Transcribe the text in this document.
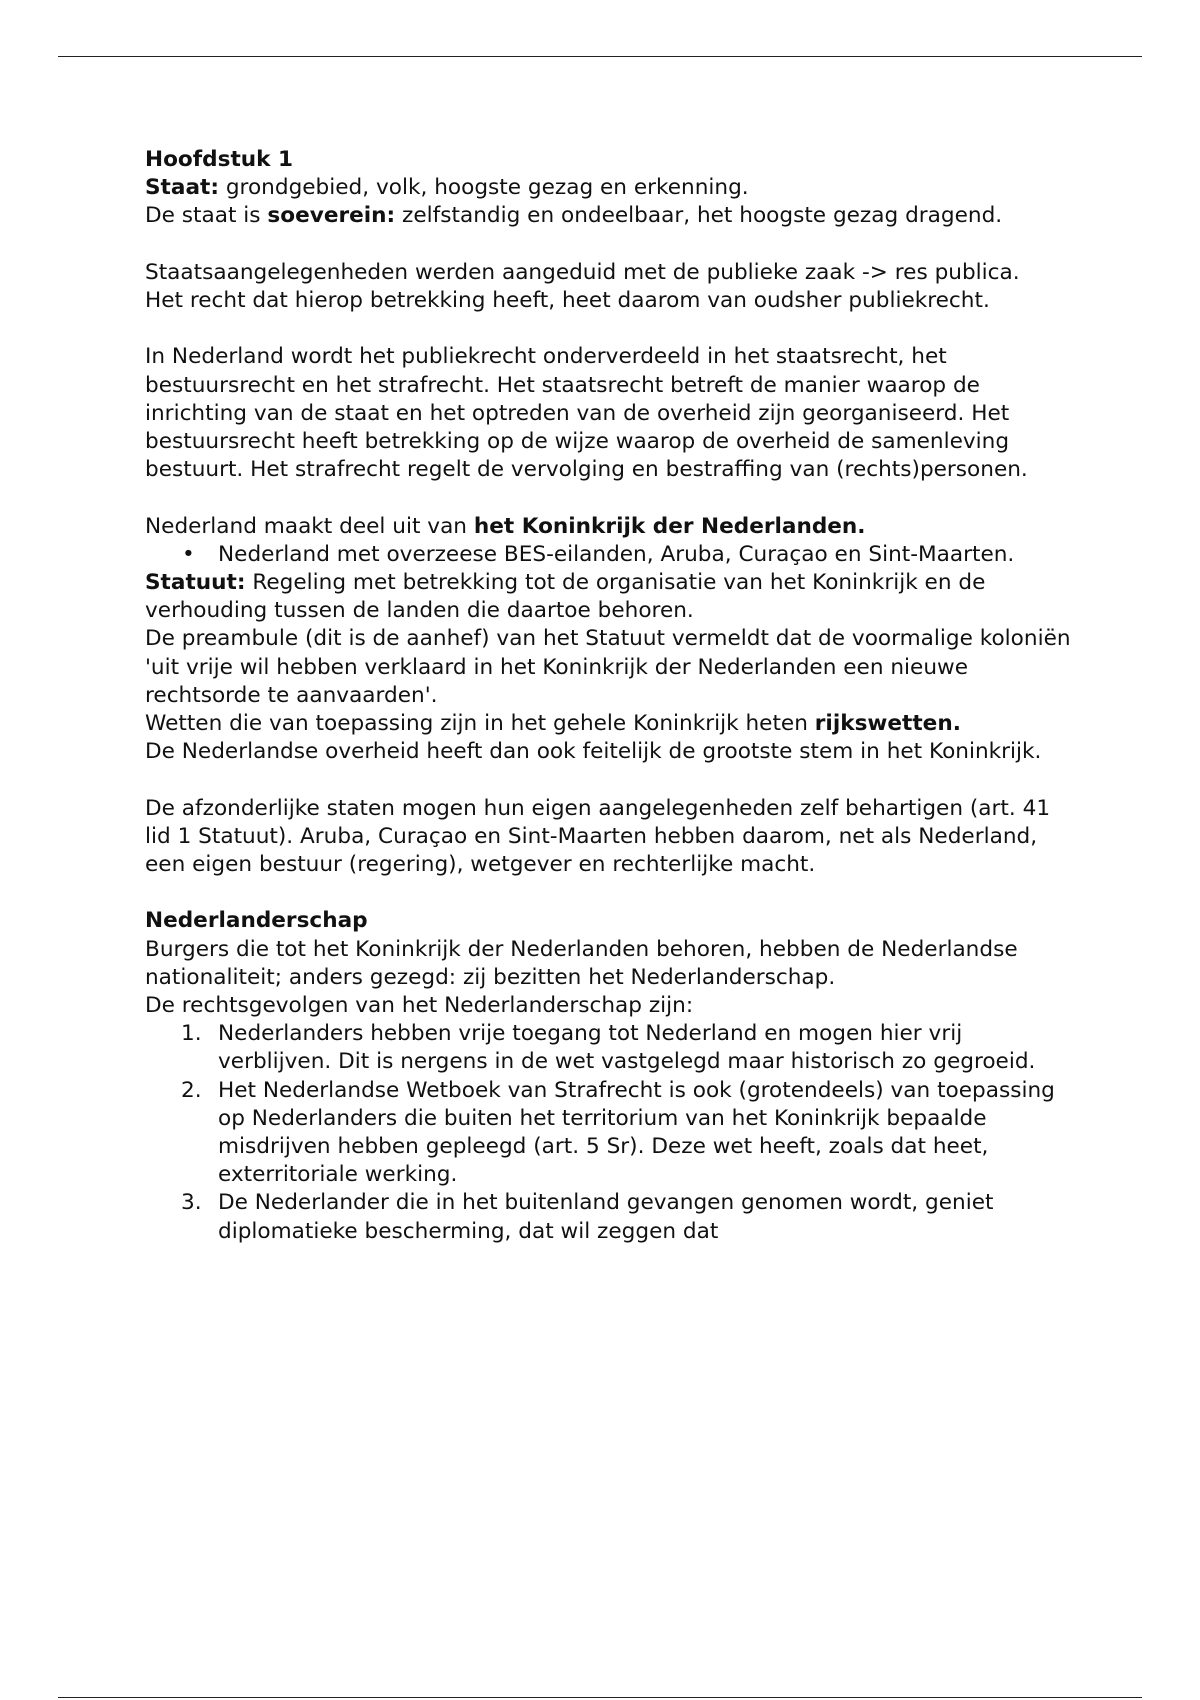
Hoofdstuk 1

Staat: grondgebied, volk, hoogste gezag en erkenning.

De staat is soeverein: zelfstandig en ondeelbaar, het hoogste gezag dragend.

Staatsaangelegenheden werden aangeduid met de publieke zaak -> res publica.

Het recht dat hierop betrekking heeft, heet daarom van oudsher publiekrecht.

In Nederland wordt het publiekrecht onderverdeeld in het staatsrecht, het bestuursrecht en het strafrecht. Het staatsrecht betreft de manier waarop de inrichting van de staat en het optreden van de overheid zijn georganiseerd. Het bestuursrecht heeft betrekking op de wijze waarop de overheid de samenleving bestuurt. Het strafrecht regelt de vervolging en bestraffing van (rechts)personen.

Nederland maakt deel uit van het Koninkrijk der Nederlanden.

• Nederland met overzeese BES-eilanden, Aruba, Curaçao en Sint-Maarten.

Statuut: Regeling met betrekking tot de organisatie van het Koninkrijk en de verhouding tussen de landen die daartoe behoren.

De preambule (dit is de aanhef) van het Statuut vermeldt dat de voormalige koloniën 'uit vrije wil hebben verklaard in het Koninkrijk der Nederlanden een nieuwe rechtsorde te aanvaarden'.

Wetten die van toepassing zijn in het gehele Koninkrijk heten rijkswetten.

De Nederlandse overheid heeft dan ook feitelijk de grootste stem in het Koninkrijk.

De afzonderlijke staten mogen hun eigen aangelegenheden zelf behartigen (art. 41 lid 1 Statuut). Aruba, Curaçao en Sint-Maarten hebben daarom, net als Nederland, een eigen bestuur (regering), wetgever en rechterlijke macht.

Nederlanderschap

Burgers die tot het Koninkrijk der Nederlanden behoren, hebben de Nederlandse nationaliteit; anders gezegd: zij bezitten het Nederlanderschap.

De rechtsgevolgen van het Nederlanderschap zijn:

1. Nederlanders hebben vrije toegang tot Nederland en mogen hier vrij verblijven. Dit is nergens in de wet vastgelegd maar historisch zo gegroeid.
2. Het Nederlandse Wetboek van Strafrecht is ook (grotendeels) van toepassing op Nederlanders die buiten het territorium van het Koninkrijk bepaalde misdrijven hebben gepleegd (art. 5 Sr). Deze wet heeft, zoals dat heet, exterritoriale werking.
3. De Nederlander die in het buitenland gevangen genomen wordt, geniet diplomatieke bescherming, dat wil zeggen dat
